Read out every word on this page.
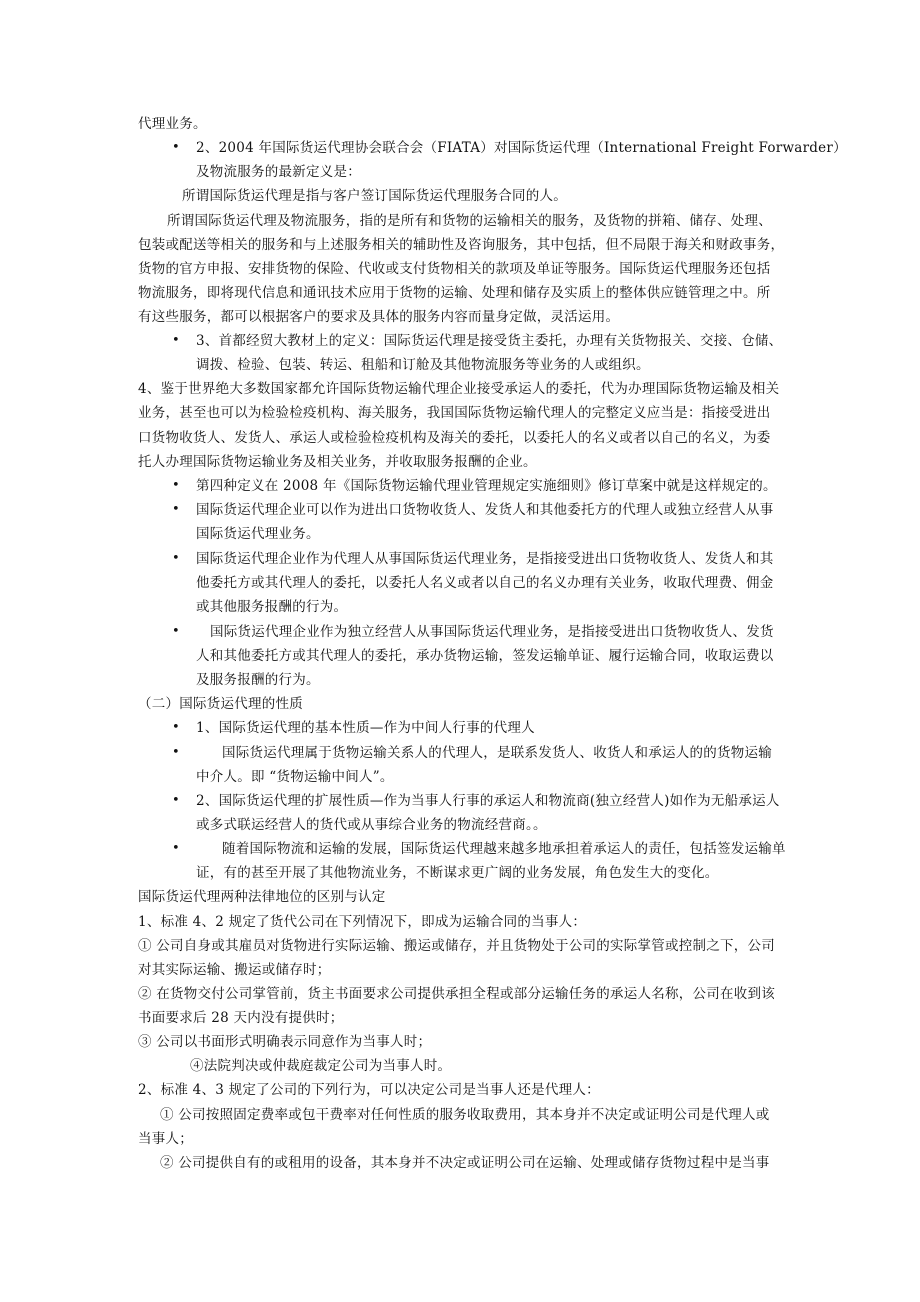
•
•
•
•
•
•
•
•
•
•
代理业务。
2、2004 年国际货运代理协会联合会（FIATA）对国际货运代理（International Freight Forwarder）
及物流服务的最新定义是：
所谓国际货运代理是指与客户签订国际货运代理服务合同的人。
所谓国际货运代理及物流服务，指的是所有和货物的运输相关的服务，及货物的拼箱、储存、处理、
包装或配送等相关的服务和与上述服务相关的辅助性及咨询服务，其中包括，但不局限于海关和财政事务，
货物的官方申报、安排货物的保险、代收或支付货物相关的款项及单证等服务。国际货运代理服务还包括
物流服务，即将现代信息和通讯技术应用于货物的运输、处理和储存及实质上的整体供应链管理之中。所
有这些服务，都可以根据客户的要求及具体的服务内容而量身定做，灵活运用。
3、首都经贸大教材上的定义：国际货运代理是接受货主委托，办理有关货物报关、交接、仓储、
调拨、检验、包装、转运、租船和订舱及其他物流服务等业务的人或组织。
4、鉴于世界绝大多数国家都允许国际货物运输代理企业接受承运人的委托，代为办理国际货物运输及相关
业务，甚至也可以为检验检疫机构、海关服务，我国国际货物运输代理人的完整定义应当是：指接受进出
口货物收货人、发货人、承运人或检验检疫机构及海关的委托，以委托人的名义或者以自己的名义，为委
托人办理国际货物运输业务及相关业务，并收取服务报酬的企业。
第四种定义在 2008 年《国际货物运输代理业管理规定实施细则》修订草案中就是这样规定的。
国际货运代理企业可以作为进出口货物收货人、发货人和其他委托方的代理人或独立经营人从事
国际货运代理业务。
国际货运代理企业作为代理人从事国际货运代理业务，是指接受进出口货物收货人、发货人和其
他委托方或其代理人的委托，以委托人名义或者以自己的名义办理有关业务，收取代理费、佣金
或其他服务报酬的行为。
国际货运代理企业作为独立经营人从事国际货运代理业务，是指接受进出口货物收货人、发货
人和其他委托方或其代理人的委托，承办货物运输，签发运输单证、履行运输合同，收取运费以
及服务报酬的行为。
（二）国际货运代理的性质
1、国际货运代理的基本性质—作为中间人行事的代理人
国际货运代理属于货物运输关系人的代理人，是联系发货人、收货人和承运人的的货物运输
中介人。即 “货物运输中间人”。
2、国际货运代理的扩展性质—作为当事人行事的承运人和物流商(独立经营人)如作为无船承运人
或多式联运经营人的货代或从事综合业务的物流经营商。。
随着国际物流和运输的发展，国际货运代理越来越多地承担着承运人的责任，包括签发运输单
证，有的甚至开展了其他物流业务，不断谋求更广阔的业务发展，角色发生大的变化。
国际货运代理两种法律地位的区别与认定
1、标准 4、2 规定了货代公司在下列情况下，即成为运输合同的当事人：
① 公司自身或其雇员对货物进行实际运输、搬运或储存，并且货物处于公司的实际掌管或控制之下，公司
对其实际运输、搬运或储存时；
② 在货物交付公司掌管前，货主书面要求公司提供承担全程或部分运输任务的承运人名称，公司在收到该
书面要求后 28 天内没有提供时；
③ 公司以书面形式明确表示同意作为当事人时；
④法院判决或仲裁庭裁定公司为当事人时。
2、标准 4、3 规定了公司的下列行为，可以决定公司是当事人还是代理人：
① 公司按照固定费率或包干费率对任何性质的服务收取费用，其本身并不决定或证明公司是代理人或
当事人；
② 公司提供自有的或租用的设备，其本身并不决定或证明公司在运输、处理或储存货物过程中是当事
